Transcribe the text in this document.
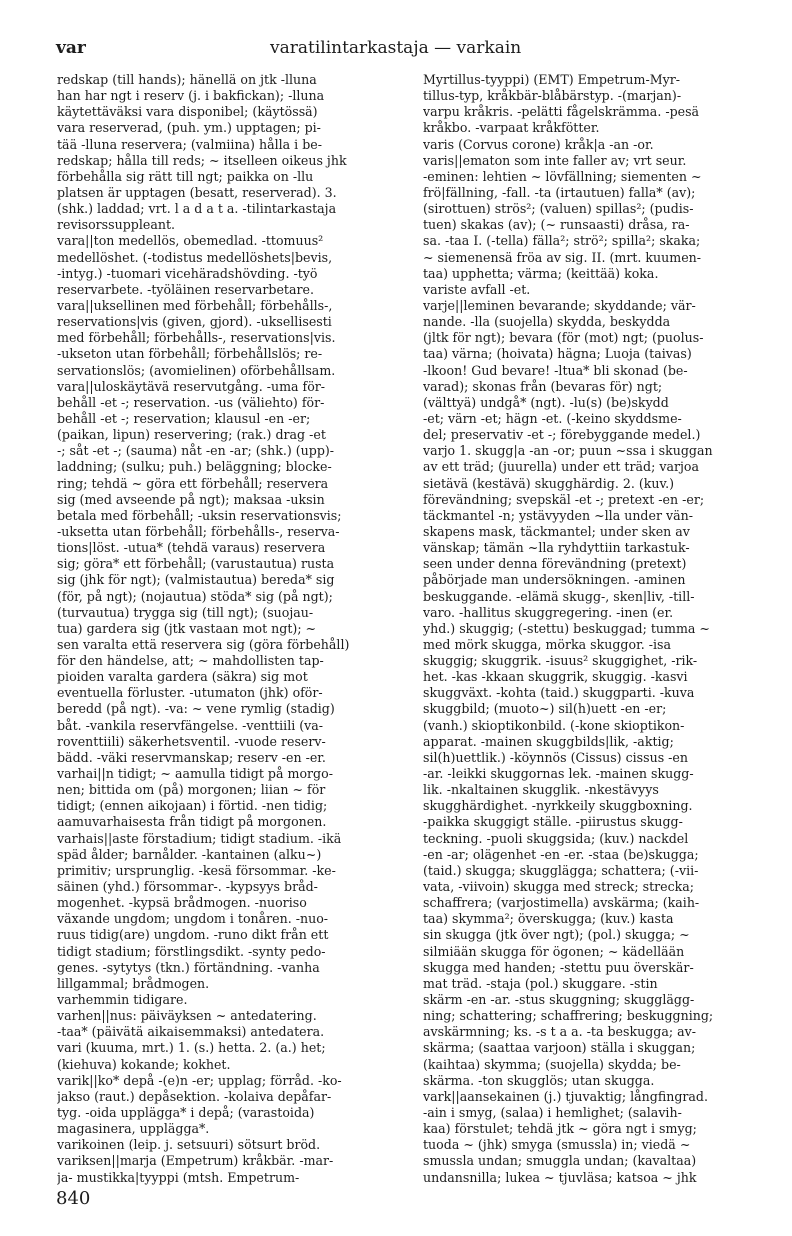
var	varatilintarkastaja — varkain
redskap (till hands); hänellä on jtk -lluna
han har ngt i reserv (j. i bakfickan); -lluna
käytettäväksi vara disponibel; (käytössä)
vara reserverad, (puh. ym.) upptagen; pi-
tää -lluna reservera; (valmiina) hålla i be-
redskap; hålla till reds; ~ itselleen oikeus jhk
förbehålla sig rätt till ngt; paikka on -llu
platsen är upptagen (besatt, reserverad). 3.
(shk.) laddad; vrt. l a d a t a. -tilintarkastaja
revisorssuppleant.
vara||ton medellös, obemedlad. -ttomuus²
medellöshet. (-todistus medellöshets|bevis,
-intyg.) -tuomari vicehäradshövding. -työ
reservarbete. -työläinen reservarbetare.
vara||uksellinen med förbehåll; förbehålls-,
reservations|vis (given, gjord). -uksellisesti
med förbehåll; förbehålls-, reservations|vis.
-ukseton utan förbehåll; förbehållslös; re-
servationslös; (avomielinen) oförbehållsam.
vara||uloskäytävä reservutgång. -uma för-
behåll -et -; reservation. -us (väliehto) för-
behåll -et -; reservation; klausul -en -er;
(paikan, lipun) reservering; (rak.) drag -et
-; såt -et -; (sauma) nåt -en -ar; (shk.) (upp)-
laddning; (sulku; puh.) beläggning; blocke-
ring; tehdä ~ göra ett förbehåll; reservera
sig (med avseende på ngt); maksaa -uksin
betala med förbehåll; -uksin reservationsvis;
-uksetta utan förbehåll; förbehålls-, reserva-
tions|löst. -utua* (tehdä varaus) reservera
sig; göra* ett förbehåll; (varustautua) rusta
sig (jhk för ngt); (valmistautua) bereda* sig
(för, på ngt); (nojautua) stöda* sig (på ngt);
(turvautua) trygga sig (till ngt); (suojau-
tua) gardera sig (jtk vastaan mot ngt); ~
sen varalta että reservera sig (göra förbehåll)
för den händelse, att; ~ mahdollisten tap-
pioiden varalta gardera (säkra) sig mot
eventuella förluster. -utumaton (jhk) oför-
beredd (på ngt). -va: ~ vene rymlig (stadig)
båt. -vankila reservfängelse. -venttiili (va-
roventtiili) säkerhetsventil. -vuode reserv-
bädd. -väki reservmanskap; reserv -en -er.
varhai||n tidigt; ~ aamulla tidigt på morgo-
nen; bittida om (på) morgonen; liian ~ för
tidigt; (ennen aikojaan) i förtid. -nen tidig;
aamuvarhaisesta från tidigt på morgonen.
varhais||aste förstadium; tidigt stadium. -ikä
späd ålder; barnålder. -kantainen (alku~)
primitiv; ursprunglig. -kesä försommar. -ke-
säinen (yhd.) försommar-. -kypsyys bråd-
mogenhet. -kypsä brådmogen. -nuoriso
växande ungdom; ungdom i tonåren. -nuo-
ruus tidig(are) ungdom. -runo dikt från ett
tidigt stadium; förstlingsdikt. -synty pedo-
genes. -sytytys (tkn.) förtändning. -vanha
lillgammal; brådmogen.
varhemmin tidigare.
varhen||nus: päiväyksen ~ antedatering.
-taa* (päivätä aikaisemmaksi) antedatera.
vari (kuuma, mrt.) 1. (s.) hetta. 2. (a.) het;
(kiehuva) kokande; kokhet.
varik||ko* depå -(e)n -er; upplag; förråd. -ko-
jakso (raut.) depåsektion. -kolaiva depåfar-
tyg. -oida upplägga* i depå; (varastoida)
magasinera, upplägga*.
varikoinen (leip. j. setsuuri) sötsurt bröd.
variksen||marja (Empetrum) kråkbär. -mar-
ja- mustikka|tyyppi (mtsh. Empetrum-
Myrtillus-tyyppi) (EMT) Empetrum-Myr-
tillus-typ, kråkbär-blåbärstyp. -(marjan)-
varpu kråkris. -pelätti fågelskrämma. -pesä
kråkbo. -varpaat kråkfötter.
varis (Corvus corone) kråk|a -an -or.
varis||ematon som inte faller av; vrt seur.
-eminen: lehtien ~ lövfällning; siementen ~
frö|fällning, -fall. -ta (irtautuen) falla* (av);
(sirottuen) strös²; (valuen) spillas²; (pudis-
tuen) skakas (av); (~ runsaasti) dråsa, ra-
sa. -taa I. (-tella) fälla²; strö²; spilla²; skaka;
~ siemenensä fröa av sig. II. (mrt. kuumen-
taa) upphetta; värma; (keittää) koka.
variste avfall -et.
varje||leminen bevarande; skyddande; vär-
nande. -lla (suojella) skydda, beskydda
(jltk för ngt); bevara (för (mot) ngt; (puolus-
taa) värna; (hoivata) hägna; Luoja (taivas)
-lkoon! Gud bevare! -ltua* bli skonad (be-
varad); skonas från (bevaras för) ngt;
(välttyä) undgå* (ngt). -lu(s) (be)skydd
-et; värn -et; hägn -et. (-keino skyddsme-
del; preservativ -et -; förebyggande medel.)
varjo 1. skugg|a -an -or; puun ~ssa i skuggan
av ett träd; (juurella) under ett träd; varjoa
sietävä (kestävä) skugghärdig. 2. (kuv.)
förevändning; svepskäl -et -; pretext -en -er;
täckmantel -n; ystävyyden ~lla under vän-
skapens mask, täckmantel; under sken av
vänskap; tämän ~lla ryhdyttiin tarkastuk-
seen under denna förevändning (pretext)
påbörjade man undersökningen. -aminen
beskuggande. -elämä skugg-, sken|liv, -till-
varo. -hallitus skuggregering. -inen (er.
yhd.) skuggig; (-stettu) beskuggad; tumma ~
med mörk skugga, mörka skuggor. -isa
skuggig; skuggrik. -isuus² skuggighet, -rik-
het. -kas -kkaan skuggrik, skuggig. -kasvi
skuggväxt. -kohta (taid.) skuggparti. -kuva
skuggbild; (muoto~) sil(h)uett -en -er;
(vanh.) skioptikonbild. (-kone skioptikon-
apparat. -mainen skuggbilds|lik, -aktig;
sil(h)uettlik.) -köynnös (Cissus) cissus -en
-ar. -leikki skuggornas lek. -mainen skugg-
lik. -nkaltainen skugglik. -nkestävyys
skugghärdighet. -nyrkkeily skuggboxning.
-paikka skuggigt ställe. -piirustus skugg-
teckning. -puoli skuggsida; (kuv.) nackdel
-en -ar; olägenhet -en -er. -staa (be)skugga;
(taid.) skugga; skugglägga; schattera; (-vii-
vata, -viivoin) skugga med streck; strecka;
schaffrera; (varjostimella) avskärma; (kaih-
taa) skymma²; överskugga; (kuv.) kasta
sin skugga (jtk över ngt); (pol.) skugga; ~
silmiään skugga för ögonen; ~ kädellään
skugga med handen; -stettu puu överskär-
mat träd. -staja (pol.) skuggare. -stin
skärm -en -ar. -stus skuggning; skugglägg-
ning; schattering; schaffrering; beskuggning;
avskärmning; ks. -s t a a. -ta beskugga; av-
skärma; (saattaa varjoon) ställa i skuggan;
(kaihtaa) skymma; (suojella) skydda; be-
skärma. -ton skugglös; utan skugga.
vark||aansekainen (j.) tjuvaktig; långfingrad.
-ain i smyg, (salaa) i hemlighet; (salavih-
kaa) förstulet; tehdä jtk ~ göra ngt i smyg;
tuoda ~ (jhk) smyga (smussla) in; viedä ~
smussla undan; smuggla undan; (kavaltaa)
undansnilla; lukea ~ tjuvläsa; katsoa ~ jhk
840
